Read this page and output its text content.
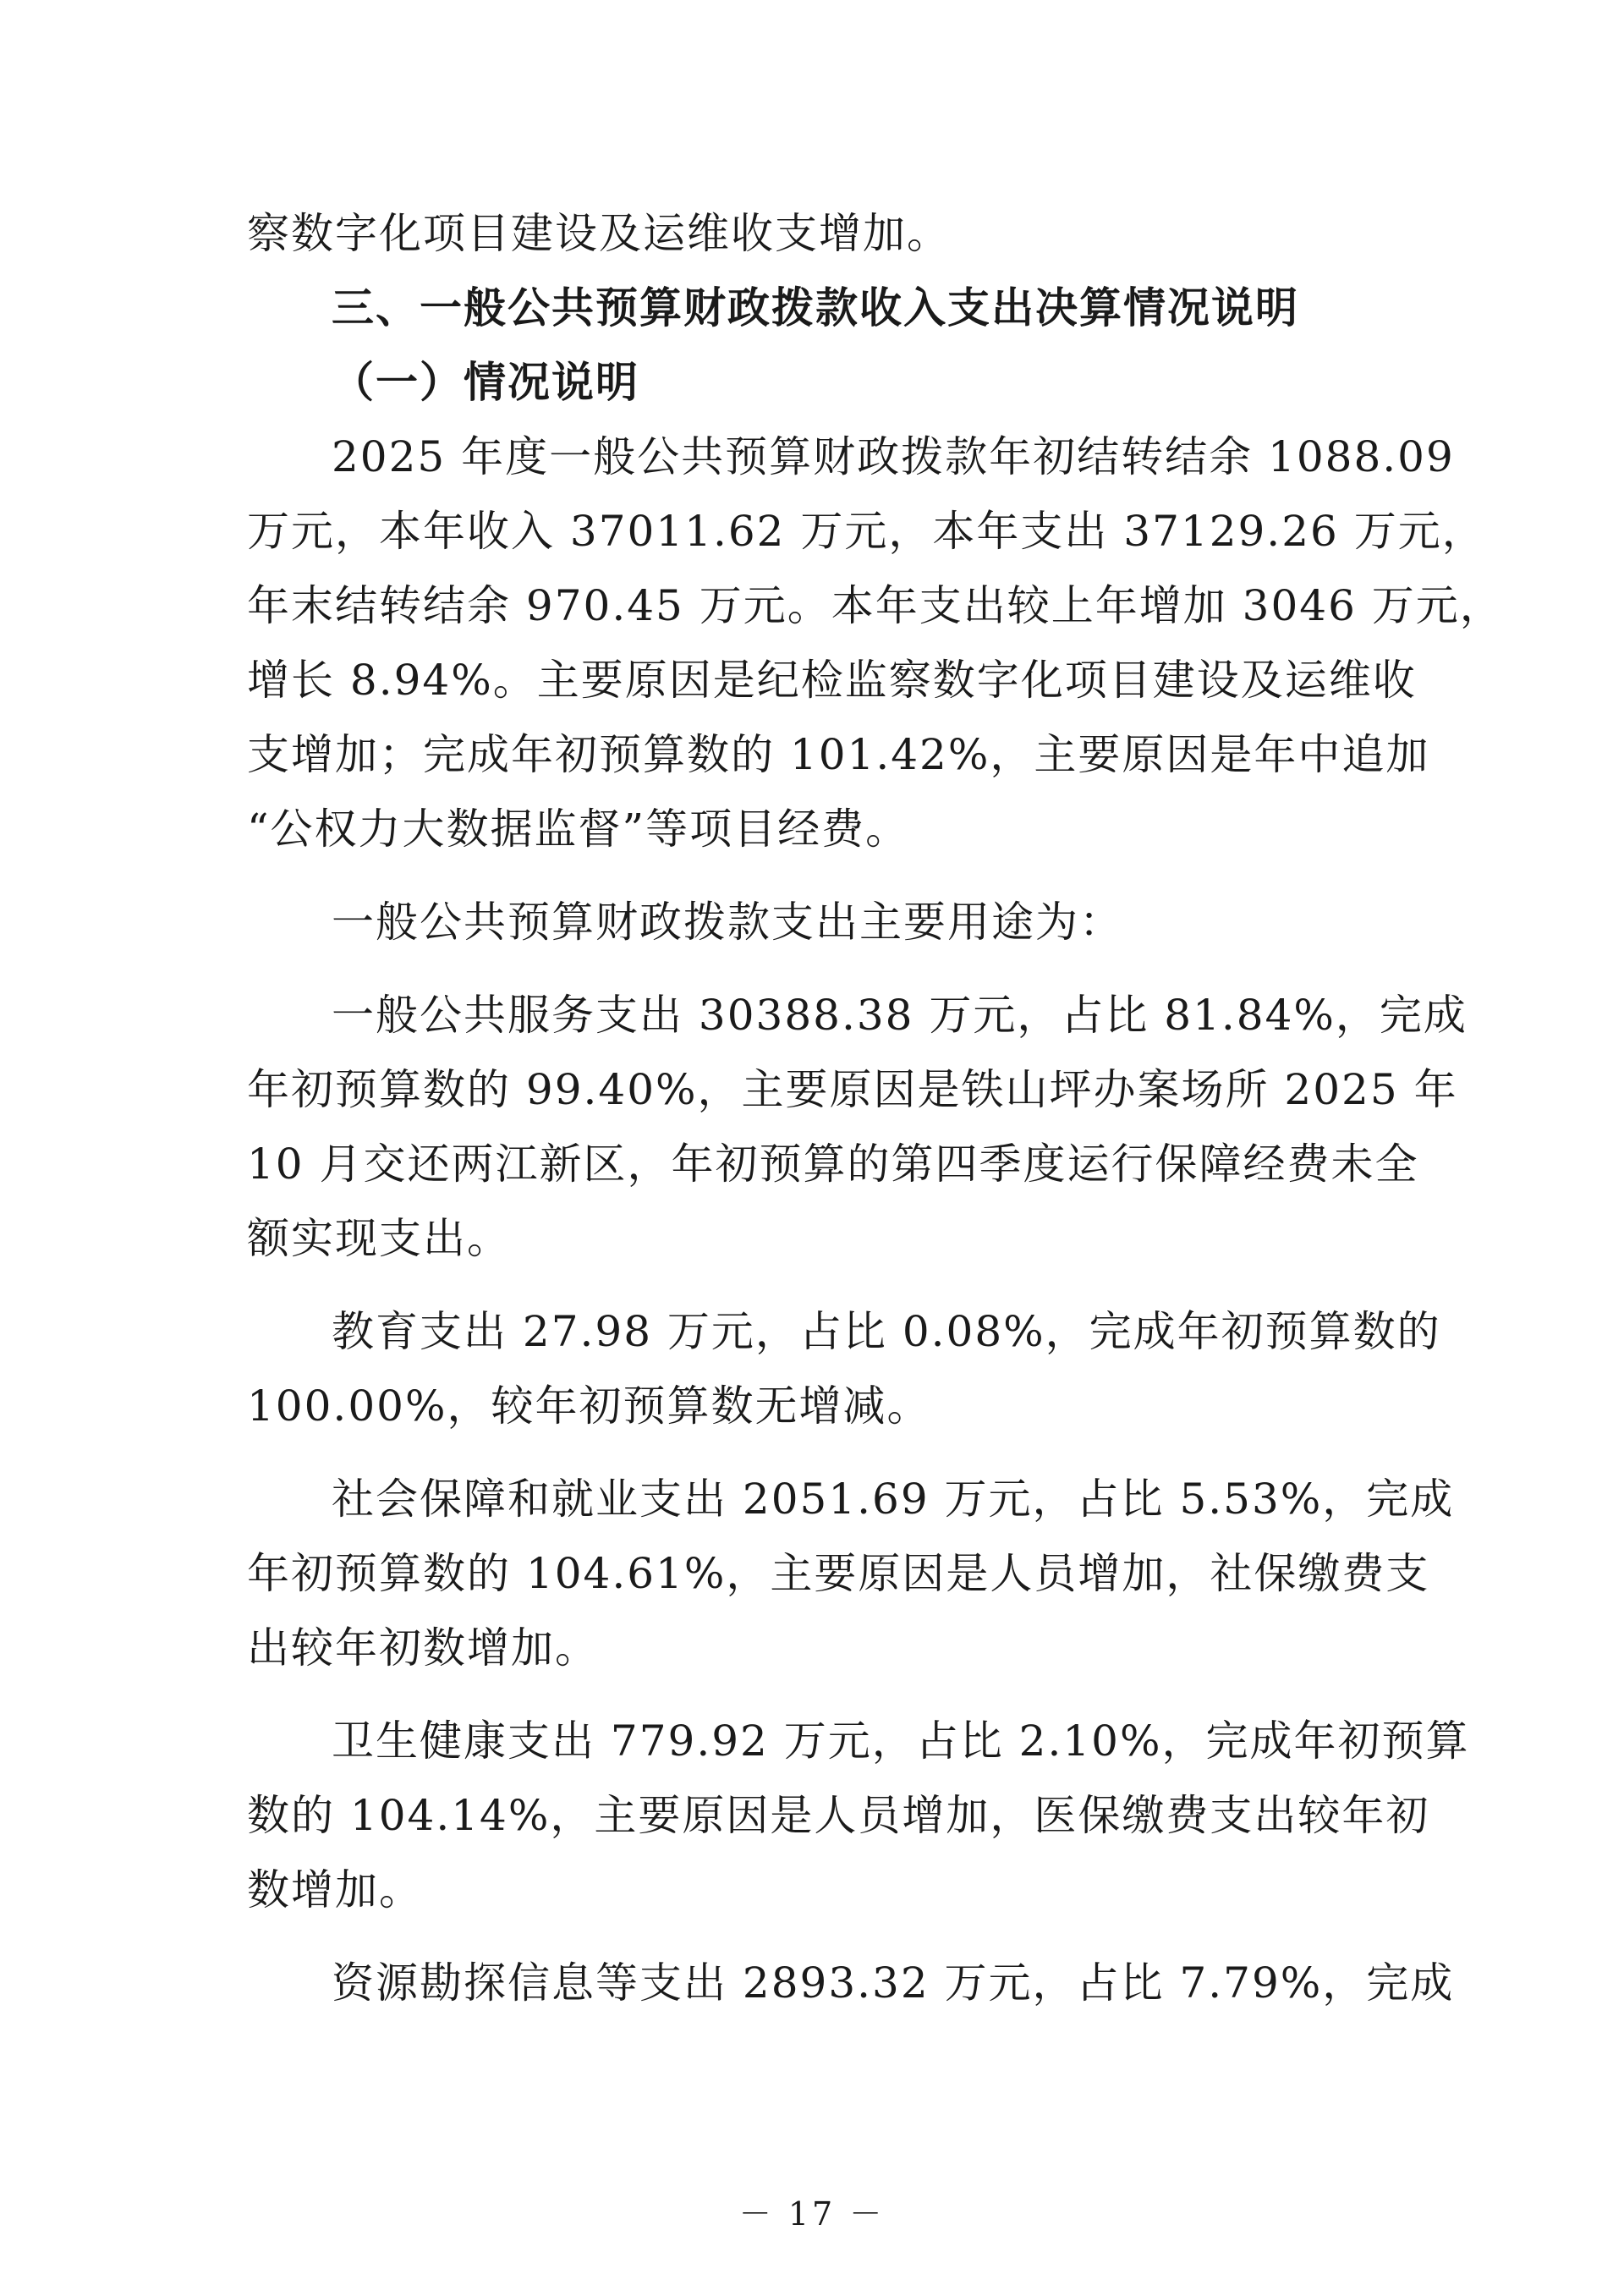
察数字化项目建设及运维收支增加。
三、一般公共预算财政拨款收入支出决算情况说明
（一）情况说明
2025 年度一般公共预算财政拨款年初结转结余 1088.09
万元，本年收入 37011.62 万元，本年支出 37129.26 万元，
年末结转结余 970.45 万元。本年支出较上年增加 3046 万元，
增长 8.94%。主要原因是纪检监察数字化项目建设及运维收
支增加；完成年初预算数的 101.42%，主要原因是年中追加
“公权力大数据监督”等项目经费。
一般公共预算财政拨款支出主要用途为：
一般公共服务支出 30388.38 万元，占比 81.84%，完成
年初预算数的 99.40%，主要原因是铁山坪办案场所 2025 年
10 月交还两江新区，年初预算的第四季度运行保障经费未全
额实现支出。
教育支出 27.98 万元，占比 0.08%，完成年初预算数的
100.00%，较年初预算数无增减。
社会保障和就业支出 2051.69 万元，占比 5.53%，完成
年初预算数的 104.61%，主要原因是人员增加，社保缴费支
出较年初数增加。
卫生健康支出 779.92 万元，占比 2.10%，完成年初预算
数的 104.14%，主要原因是人员增加，医保缴费支出较年初
数增加。
资源勘探信息等支出 2893.32 万元，占比 7.79%，完成
－ 17 －
